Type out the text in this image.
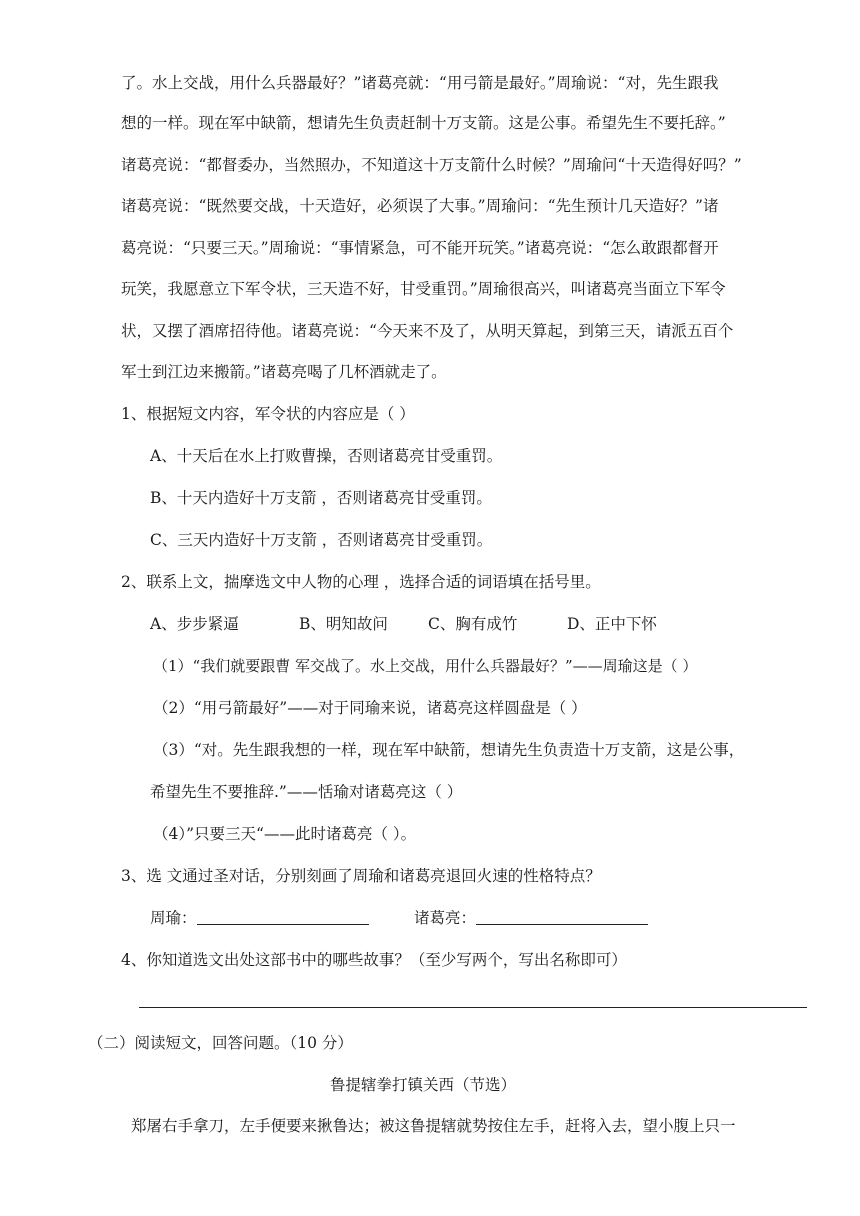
了。水上交战，用什么兵器最好？”诸葛亮就：“用弓箭是最好。”周瑜说：“对，先生跟我
想的一样。现在军中缺箭，想请先生负责赶制十万支箭。这是公事。希望先生不要托辞。”
诸葛亮说：“都督委办，当然照办，不知道这十万支箭什么时候？”周瑜问“十天造得好吗？”
诸葛亮说：“既然要交战，十天造好，必须误了大事。”周瑜问：“先生预计几天造好？”诸
葛亮说：“只要三天。”周瑜说：“事情紧急，可不能开玩笑。”诸葛亮说：“怎么敢跟都督开
玩笑，我愿意立下军令状，三天造不好，甘受重罚。”周瑜很高兴，叫诸葛亮当面立下军令
状，又摆了酒席招待他。诸葛亮说：“今天来不及了，从明天算起，到第三天，请派五百个
军士到江边来搬箭。”诸葛亮喝了几杯酒就走了。
1、根据短文内容，军令状的内容应是（ ）
A、十天后在水上打败曹操，否则诸葛亮甘受重罚。
B、十天内造好十万支箭 ，否则诸葛亮甘受重罚。
C、三天内造好十万支箭 ，否则诸葛亮甘受重罚。
2、联系上文，揣摩选文中人物的心理 ，选择合适的词语填在括号里。
A、步步紧逼	B、明知故问	C、胸有成竹	D、正中下怀
（1）“我们就要跟曹 军交战了。水上交战，用什么兵器最好？”——周瑜这是（ ）
（2）“用弓箭最好”——对于同瑜来说，诸葛亮这样圆盘是（ ）
（3）“对。先生跟我想的一样，现在军中缺箭，想请先生负责造十万支箭，这是公事，
希望先生不要推辞.”——恬瑜对诸葛亮这（ ）
（4）”只要三天“——此时诸葛亮（ ）。
3、选 文通过圣对话，分别刻画了周瑜和诸葛亮退回火速的性格特点？
周瑜：	诸葛亮：
4、你知道选文出处这部书中的哪些故事？（至少写两个，写出名称即可）
（二）阅读短文，回答问题。（10 分）
鲁提辖拳打镇关西（节选）
郑屠右手拿刀，左手便要来揪鲁达；被这鲁提辖就势按住左手，赶将入去，望小腹上只一
